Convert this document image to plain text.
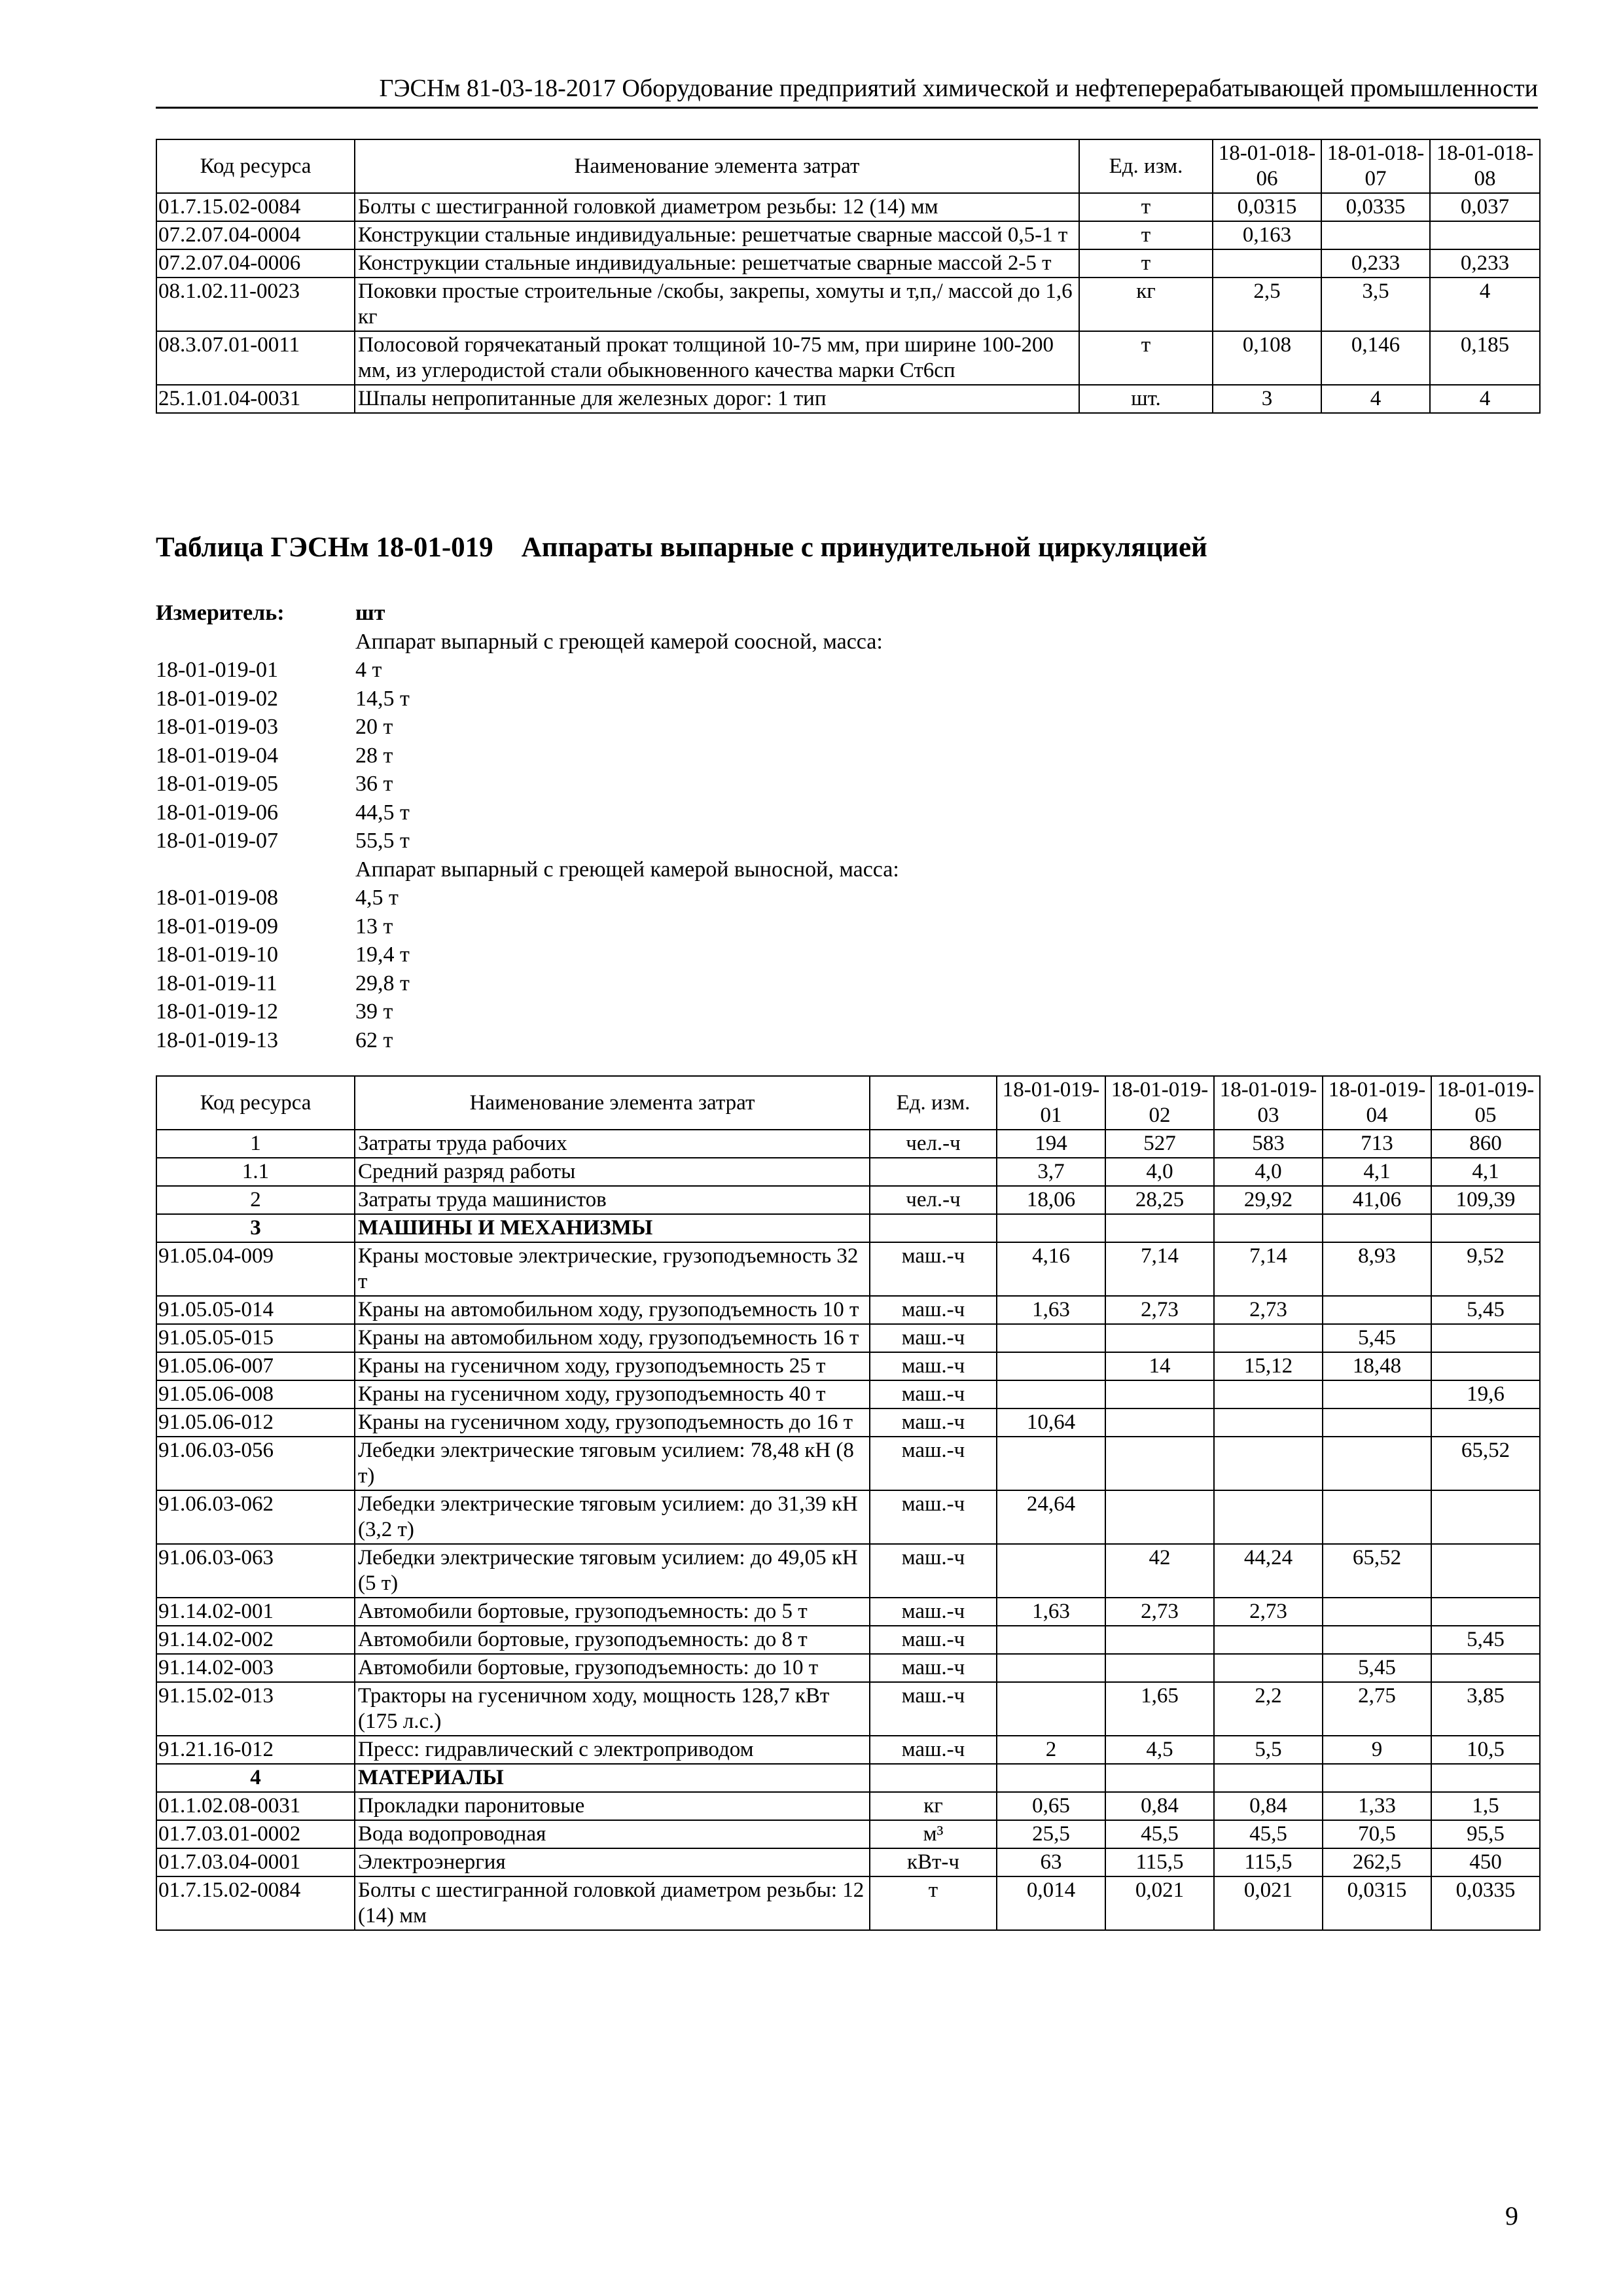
ГЭСНм 81-03-18-2017 Оборудование предприятий химической и нефтеперерабатывающей промышленности
Код ресурса	Наименование элемента затрат	Ед. изм.	18-01-018-06	18-01-018-07	18-01-018-08
01.7.15.02-0084	Болты с шестигранной головкой диаметром резьбы: 12 (14) мм	т	0,0315	0,0335	0,037
07.2.07.04-0004	Конструкции стальные индивидуальные: решетчатые сварные массой 0,5-1 т	т	0,163		
07.2.07.04-0006	Конструкции стальные индивидуальные: решетчатые сварные массой 2-5 т	т		0,233	0,233
08.1.02.11-0023	Поковки простые строительные /скобы, закрепы, хомуты и т,п,/ массой до 1,6 кг	кг	2,5	3,5	4
08.3.07.01-0011	Полосовой горячекатаный прокат толщиной 10-75 мм, при ширине 100-200 мм, из углеродистой стали обыкновенного качества марки Ст6сп	т	0,108	0,146	0,185
25.1.01.04-0031	Шпалы непропитанные для железных дорог: 1 тип	шт.	3	4	4
Таблица ГЭСНм 18-01-019 Аппараты выпарные с принудительной циркуляцией
Измеритель:	шт
Аппарат выпарный с греющей камерой соосной, масса:
18-01-019-01	4 т
18-01-019-02	14,5 т
18-01-019-03	20 т
18-01-019-04	28 т
18-01-019-05	36 т
18-01-019-06	44,5 т
18-01-019-07	55,5 т
Аппарат выпарный с греющей камерой выносной, масса:
18-01-019-08	4,5 т
18-01-019-09	13 т
18-01-019-10	19,4 т
18-01-019-11	29,8 т
18-01-019-12	39 т
18-01-019-13	62 т
Код ресурса	Наименование элемента затрат	Ед. изм.	18-01-019-01	18-01-019-02	18-01-019-03	18-01-019-04	18-01-019-05
1	Затраты труда рабочих	чел.-ч	194	527	583	713	860
1.1	Средний разряд работы		3,7	4,0	4,0	4,1	4,1
2	Затраты труда машинистов	чел.-ч	18,06	28,25	29,92	41,06	109,39
3	МАШИНЫ И МЕХАНИЗМЫ						
91.05.04-009	Краны мостовые электрические, грузоподъемность 32 т	маш.-ч	4,16	7,14	7,14	8,93	9,52
91.05.05-014	Краны на автомобильном ходу, грузоподъемность 10 т	маш.-ч	1,63	2,73	2,73		5,45
91.05.05-015	Краны на автомобильном ходу, грузоподъемность 16 т	маш.-ч				5,45	
91.05.06-007	Краны на гусеничном ходу, грузоподъемность 25 т	маш.-ч		14	15,12	18,48	
91.05.06-008	Краны на гусеничном ходу, грузоподъемность 40 т	маш.-ч					19,6
91.05.06-012	Краны на гусеничном ходу, грузоподъемность до 16 т	маш.-ч	10,64				
91.06.03-056	Лебедки электрические тяговым усилием: 78,48 кН (8 т)	маш.-ч					65,52
91.06.03-062	Лебедки электрические тяговым усилием: до 31,39 кН (3,2 т)	маш.-ч	24,64				
91.06.03-063	Лебедки электрические тяговым усилием: до 49,05 кН (5 т)	маш.-ч		42	44,24	65,52	
91.14.02-001	Автомобили бортовые, грузоподъемность: до 5 т	маш.-ч	1,63	2,73	2,73		
91.14.02-002	Автомобили бортовые, грузоподъемность: до 8 т	маш.-ч					5,45
91.14.02-003	Автомобили бортовые, грузоподъемность: до 10 т	маш.-ч				5,45	
91.15.02-013	Тракторы на гусеничном ходу, мощность 128,7 кВт (175 л.с.)	маш.-ч		1,65	2,2	2,75	3,85
91.21.16-012	Пресс: гидравлический с электроприводом	маш.-ч	2	4,5	5,5	9	10,5
4	МАТЕРИАЛЫ						
01.1.02.08-0031	Прокладки паронитовые	кг	0,65	0,84	0,84	1,33	1,5
01.7.03.01-0002	Вода водопроводная	м³	25,5	45,5	45,5	70,5	95,5
01.7.03.04-0001	Электроэнергия	кВт-ч	63	115,5	115,5	262,5	450
01.7.15.02-0084	Болты с шестигранной головкой диаметром резьбы: 12 (14) мм	т	0,014	0,021	0,021	0,0315	0,0335
9
